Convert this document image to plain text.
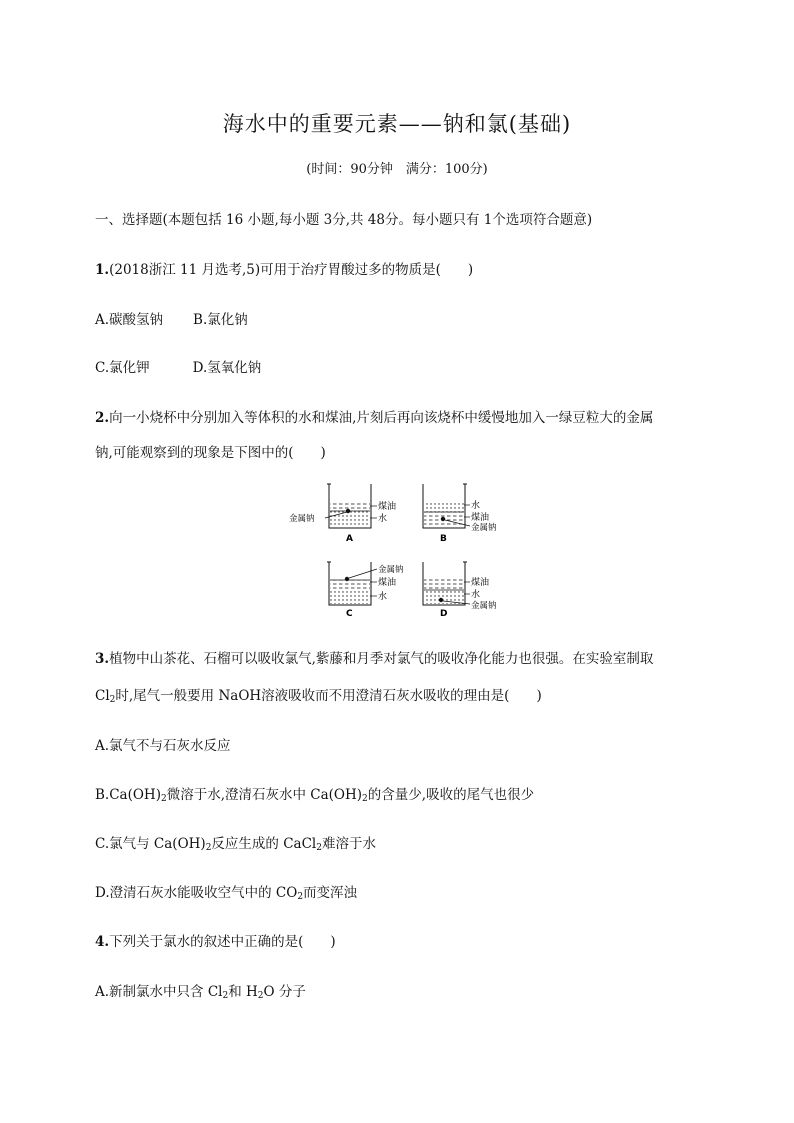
海水中的重要元素——钠和氯(基础)
(时间：90分钟　满分：100分)
一、选择题(本题包括 16 小题,每小题 3分,共 48分。每小题只有 1个选项符合题意)
1.(2018浙江 11 月选考,5)可用于治疗胃酸过多的物质是(　　)
A.碳酸氢钠 B.氯化钠
C.氯化钾	D.氢氧化钠
2.向一小烧杯中分别加入等体积的水和煤油,片刻后再向该烧杯中缓慢地加入一绿豆粒大的金属
钠,可能观察到的现象是下图中的(　　)
煤油
水
金属钠
A
水
煤油
金属钠
B
金属钠
煤油
水
C
煤油
水
金属钠
D
3.植物中山茶花、石榴可以吸收氯气,紫藤和月季对氯气的吸收净化能力也很强。在实验室制取
$Cl_2$时,尾气一般要用 NaOH溶液吸收而不用澄清石灰水吸收的理由是(　　)
A.氯气不与石灰水反应
$B.Ca(OH)_2$微溶于水,澄清石灰水中 $Ca(OH)_2$的含量少,吸收的尾气也很少
C.氯气与 $Ca(OH)_2$反应生成的 CaCl$_2$难溶于水
D.澄清石灰水能吸收空气中的 $CO_2$而变浑浊
4.下列关于氯水的叙述中正确的是(　　)
A.新制氯水中只含 $Cl_2$和 $H_2O$ 分子
